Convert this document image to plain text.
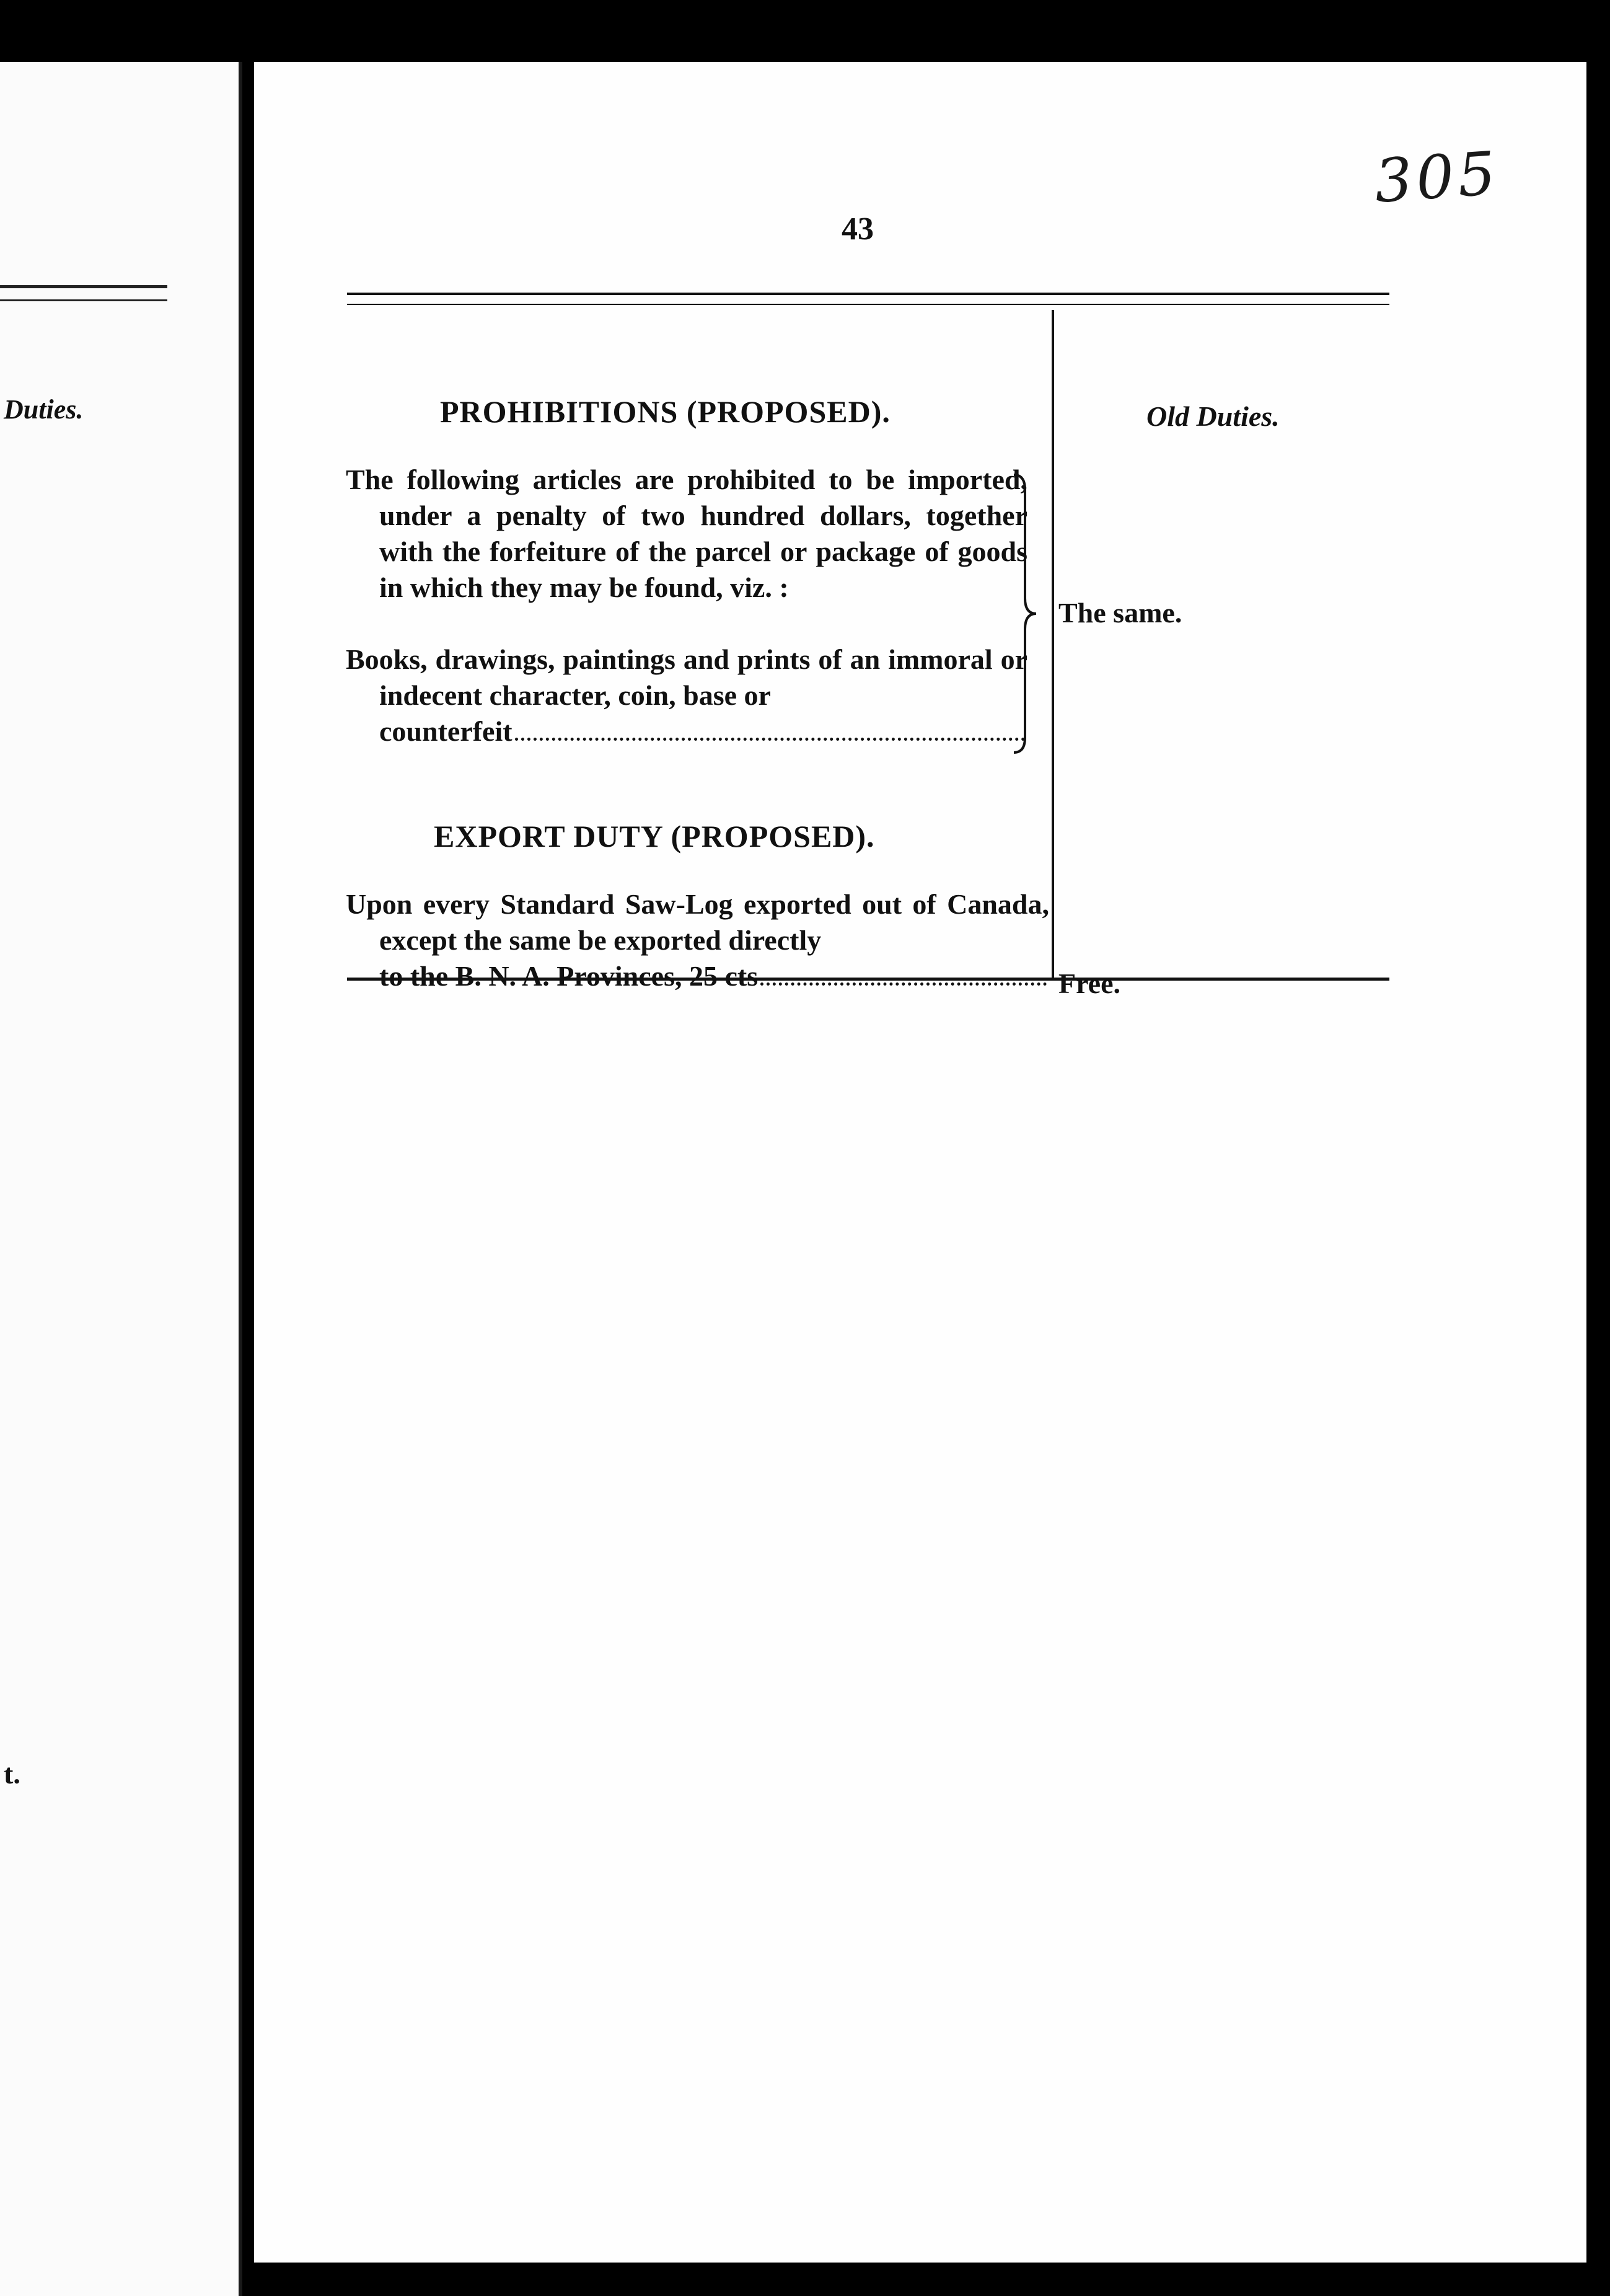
Duties.
t.
305
43
PROHIBITIONS (PROPOSED).	Old Duties.
The following articles are prohibited to be imported, under a penalty of two hundred dollars, together with the forfeiture of the parcel or package of goods in which they may be found, viz. :
Books, drawings, paintings and prints of an immoral or indecent character, coin, base or
counterfeit
The same.
EXPORT DUTY (PROPOSED).
Upon every Standard Saw-Log exported out of Canada, except the same be exported directly
to the B. N. A. Provinces, 25 cts	Free.
